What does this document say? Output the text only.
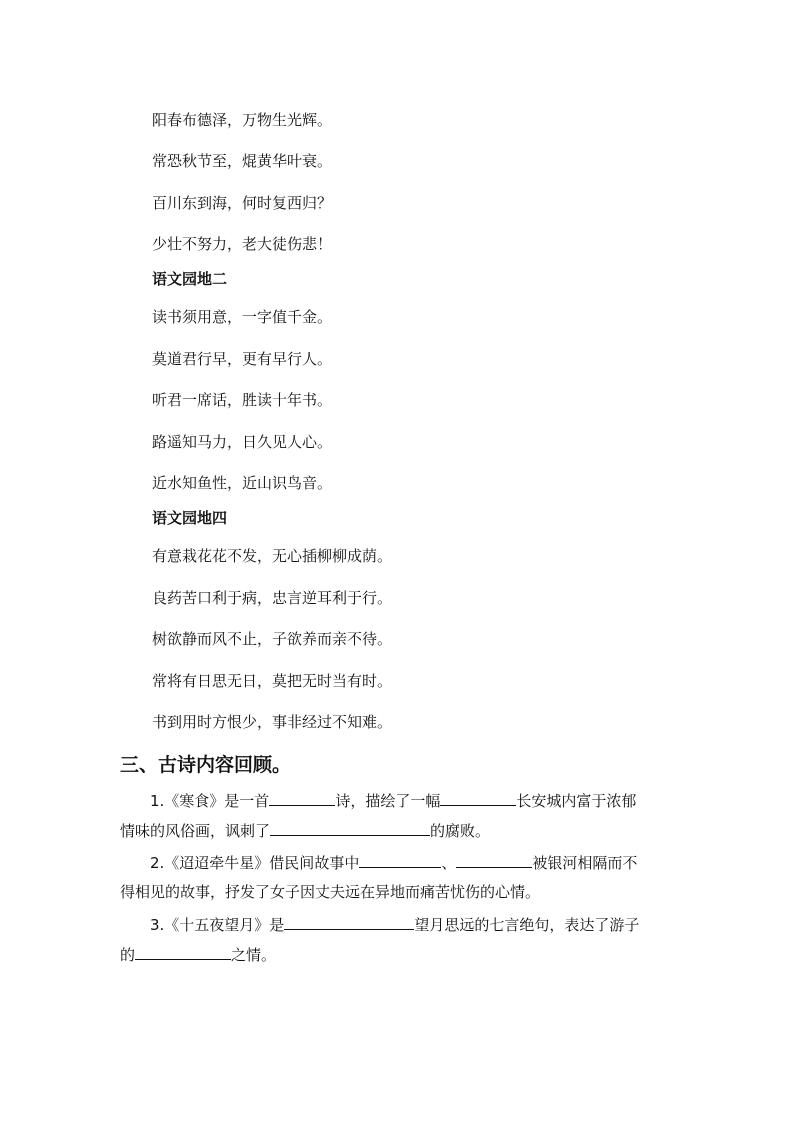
阳春布德泽，万物生光辉。
常恐秋节至，焜黄华叶衰。
百川东到海，何时复西归？
少壮不努力，老大徒伤悲！
语文园地二
读书须用意，一字值千金。
莫道君行早，更有早行人。
听君一席话，胜读十年书。
路遥知马力，日久见人心。
近水知鱼性，近山识鸟音。
语文园地四
有意栽花花不发，无心插柳柳成荫。
良药苦口利于病，忠言逆耳利于行。
树欲静而风不止，子欲养而亲不待。
常将有日思无日，莫把无时当有时。
书到用时方恨少，事非经过不知难。
三、古诗内容回顾。
1.《寒食》是一首	诗，描绘了一幅	长安城内富于浓郁
情味的风俗画，讽刺了	的腐败。
2.《迢迢牵牛星》借民间故事中	、	被银河相隔而不
得相见的故事，抒发了女子因丈夫远在异地而痛苦忧伤的心情。
3.《十五夜望月》是	望月思远的七言绝句，表达了游子
的	之情。
